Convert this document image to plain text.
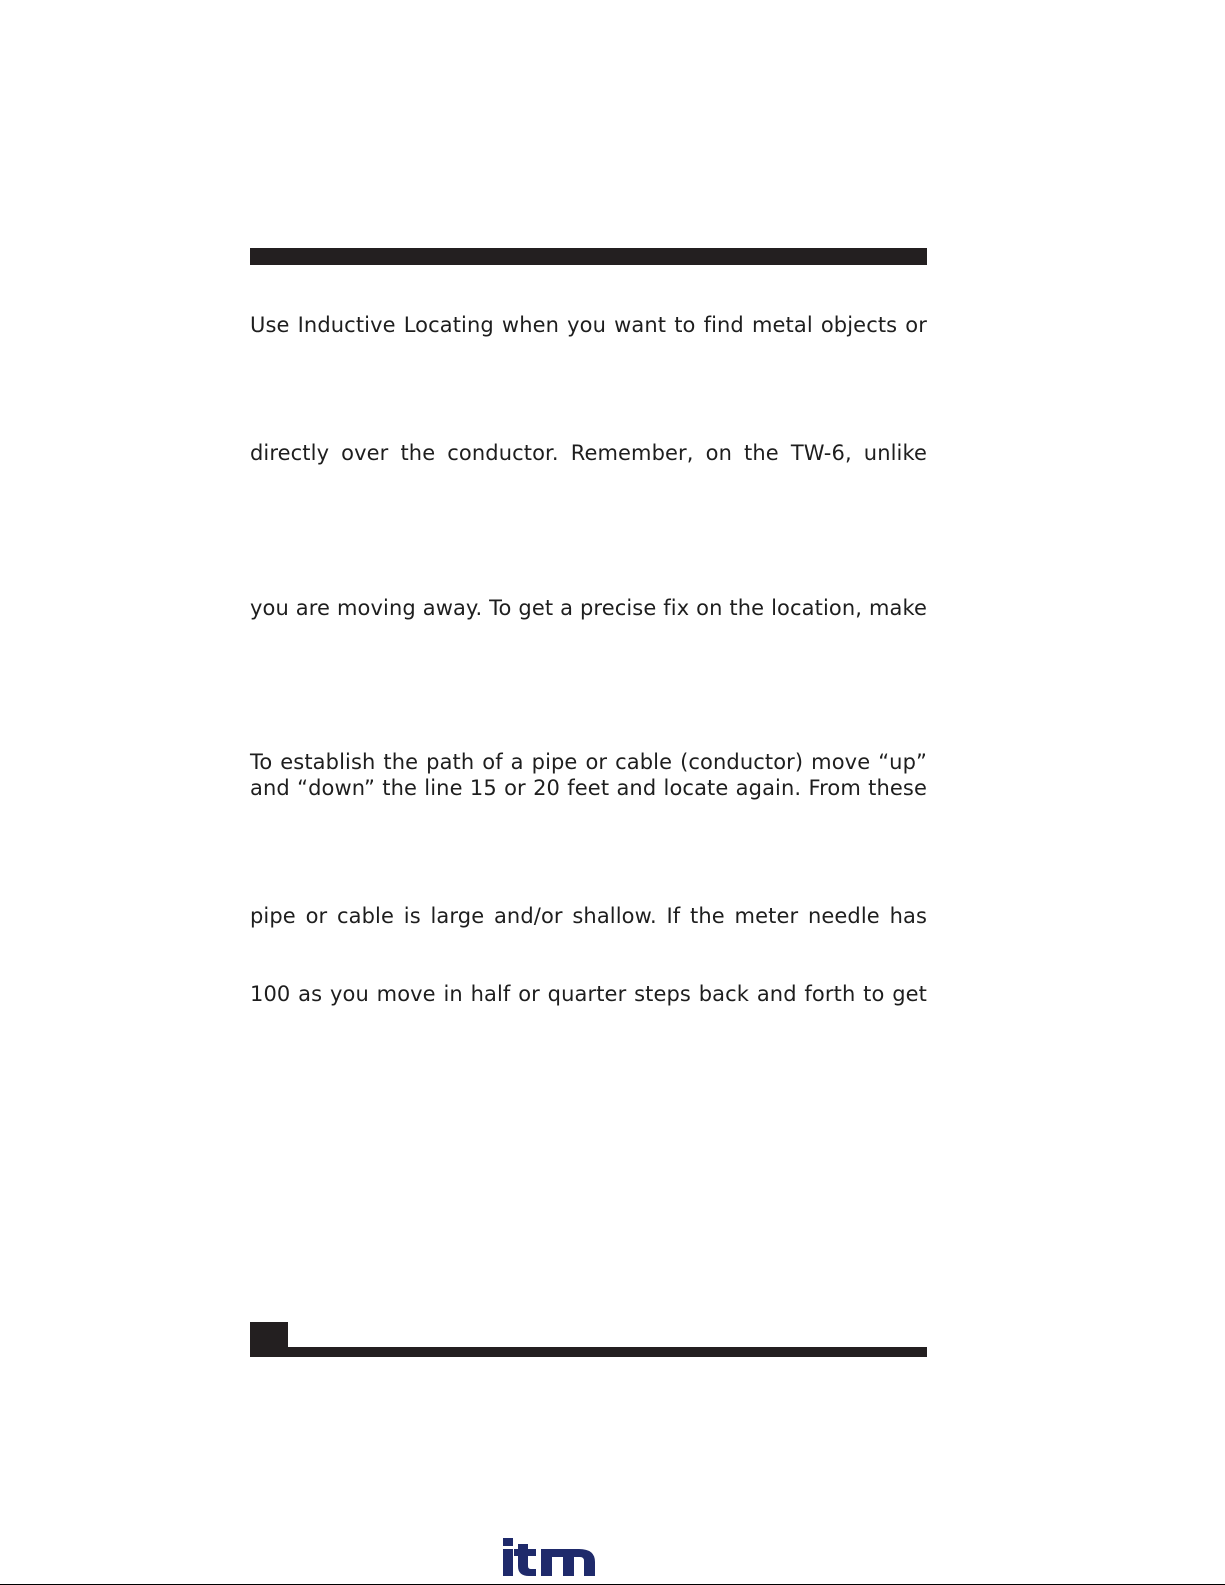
Use Inductive Locating when you want to find metal objects or
directly over the conductor. Remember, on the TW-6, unlike
you are moving away. To get a precise fix on the location, make
To establish the path of a pipe or cable (conductor) move “up”
and “down” the line 15 or 20 feet and locate again. From these
pipe or cable is large and/or shallow. If the meter needle has
100 as you move in half or quarter steps back and forth to get
